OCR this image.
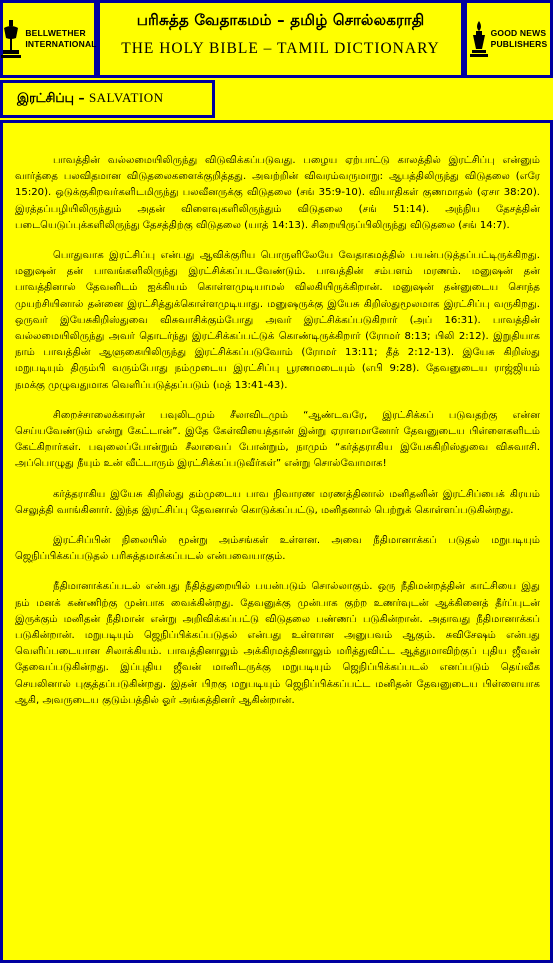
BELLWETHER
INTERNATIONAL
பரிசுத்த வேதாகமம் – தமிழ் சொல்லகராதி
THE HOLY BIBLE – TAMIL DICTIONARY
GOOD NEWS
PUBLISHERS
இரட்சிப்பு – SALVATION

பாவத்தின் வல்லமையிலிருந்து விடுவிக்கப்படுவது. பழைய ஏற்பாட்டு காலத்தில் இரட்சிப்பு என்னும் வார்த்தை பலவிதமான விடுதலைகளைக்குறித்தது. அவற்றின் விவரம்வருமாறு: ஆபத்திலிருந்து விடுதலை (எரே 15:20). ஒடுக்குகிறவர்களிடமிருந்து பலவீனருக்கு விடுதலை (சங் 35:9-10). வியாதிகள் குணமாதல் (ஏசா 38:20). இரத்தப்பழியிலிருந்தும் அதன் விளைவுகளிலிருந்தும் விடுதலை (சங் 51:14). அந்நிய தேசத்தின் படையெடுப்புக்களிலிருந்து தேசத்திற்கு விடுதலை (யாத் 14:13). சிறையிருப்பிலிருந்து விடுதலை (சங் 14:7).

பொதுவாக இரட்சிப்பு என்பது ஆவிக்குரிய பொருளிலேயே வேதாகமத்தில் பயன்படுத்தப்பட்டிருக்கிறது. மனுஷன் தன் பாவங்களிலிருந்து இரட்சிக்கப்படவேண்டும். பாவத்தின் சம்பளம் மரணம். மனுஷன் தன் பாவத்தினால் தேவனிடம் ஐக்கியம் கொள்ளமுடியாமல் விலகியிருக்கிறான். மனுஷன் தன்னுடைய சொந்த முயற்சியினால் தன்னை இரட்சித்துக்கொள்ளமுடியாது. மனுஷருக்கு இயேசு கிறிஸ்துமூலமாக இரட்சிப்பு வருகிறது. ஒருவர் இயேசுகிறிஸ்துவை விசுவாசிக்கும்போது அவர் இரட்சிக்கப்படுகிறார் (அப் 16:31). பாவத்தின் வல்லமையிலிருந்து அவர் தொடர்ந்து இரட்சிக்கப்பட்டுக் கொண்டிருக்கிறார் (ரோமர் 8:13; பிலி 2:12). இறுதியாக நாம் பாவத்தின் ஆளுகையிலிருந்து இரட்சிக்கப்படுவோம் (ரோமர் 13:11; தீத் 2:12-13). இயேசு கிறிஸ்து மறுபடியும் திரும்பி வரும்போது நம்முடைய இரட்சிப்பு பூரணமடையும் (எபி 9:28). தேவனுடைய ராஜ்ஜியம் நமக்கு முழுவதுமாக வெளிப்படுத்தப்படும் (மத் 13:41-43).

சிறைச்சாலைக்காரன் பவுலிடமும் சீலாவிடமும் “ஆண்டவரே, இரட்சிக்கப் படுவதற்கு என்ன செய்யவேண்டும் என்று கேட்டான்”. இதே கேள்வியைத்தான் இன்று ஏராளமானோர் தேவனுடைய பிள்ளைகளிடம் கேட்கிறார்கள். பவுலைப்போன்றும் சீலாவைப் போன்றும், நாமும் “கர்த்தராகிய இயேசுகிறிஸ்துவை விசுவாசி. அப்பொழுது நீயும் உன் வீட்டாரும் இரட்சிக்கப்படுவீர்கள்” என்று சொல்வோமாக!

கர்த்தராகிய இயேசு கிறிஸ்து தம்முடைய பாவ நிவாரண மரணத்தினால் மனிதனின் இரட்சிப்பைக் கிரயம் செலுத்தி வாங்கினார். இந்த இரட்சிப்பு தேவனால் கொடுக்கப்பட்டு, மனிதனால் பெற்றுக் கொள்ளப்படுகின்றது.

இரட்சிப்பின் நிலையில் மூன்று அம்சங்கள் உள்ளன. அவை நீதிமானாக்கப் படுதல் மறுபடியும் ஜெநிப்பிக்கப்படுதல் பரிசுத்தமாக்கப்படல் என்பவையாகும்.

நீதிமானாக்கப்படல் என்பது நீதித்துறையில் பயன்படும் சொல்லாகும். ஒரு நீதிமன்றத்தின் காட்சியை இது நம் மனக் கண்ணிற்கு முன்பாக வைக்கின்றது. தேவனுக்கு முன்பாக குற்ற உணர்வுடன் ஆக்கினைத் தீர்ப்புடன் இருக்கும் மனிதன் நீதிமான் என்று அறிவிக்கப்பட்டு விடுதலை பண்ணப் படுகின்றான். அதாவது நீதிமானாக்கப் படுகின்றான். மறுபடியும் ஜெநிப்பிக்கப்படுதல் என்பது உள்ளான அனுபவம் ஆகும். சுவிசேஷம் என்பது வெளிப்படையான சிலாக்கியம். பாவத்தினாலும் அக்கிரமத்தினாலும் மரித்துவிட்ட ஆத்துமாவிற்குப் புதிய ஜீவன் தேவைப்படுகின்றது. இப்புதிய ஜீவன் மானிடருக்கு மறுபடியும் ஜெநிப்பிக்கப்படல் எனப்படும் தெய்வீக செயலினால் புகுத்தப்படுகின்றது. இதன் பிறகு மறுபடியும் ஜெநிப்பிக்கப்பட்ட மனிதன் தேவனுடைய பிள்ளையாக ஆகி, அவருடைய குடும்பத்தில் ஓர் அங்கத்தினர் ஆகின்றான்.
